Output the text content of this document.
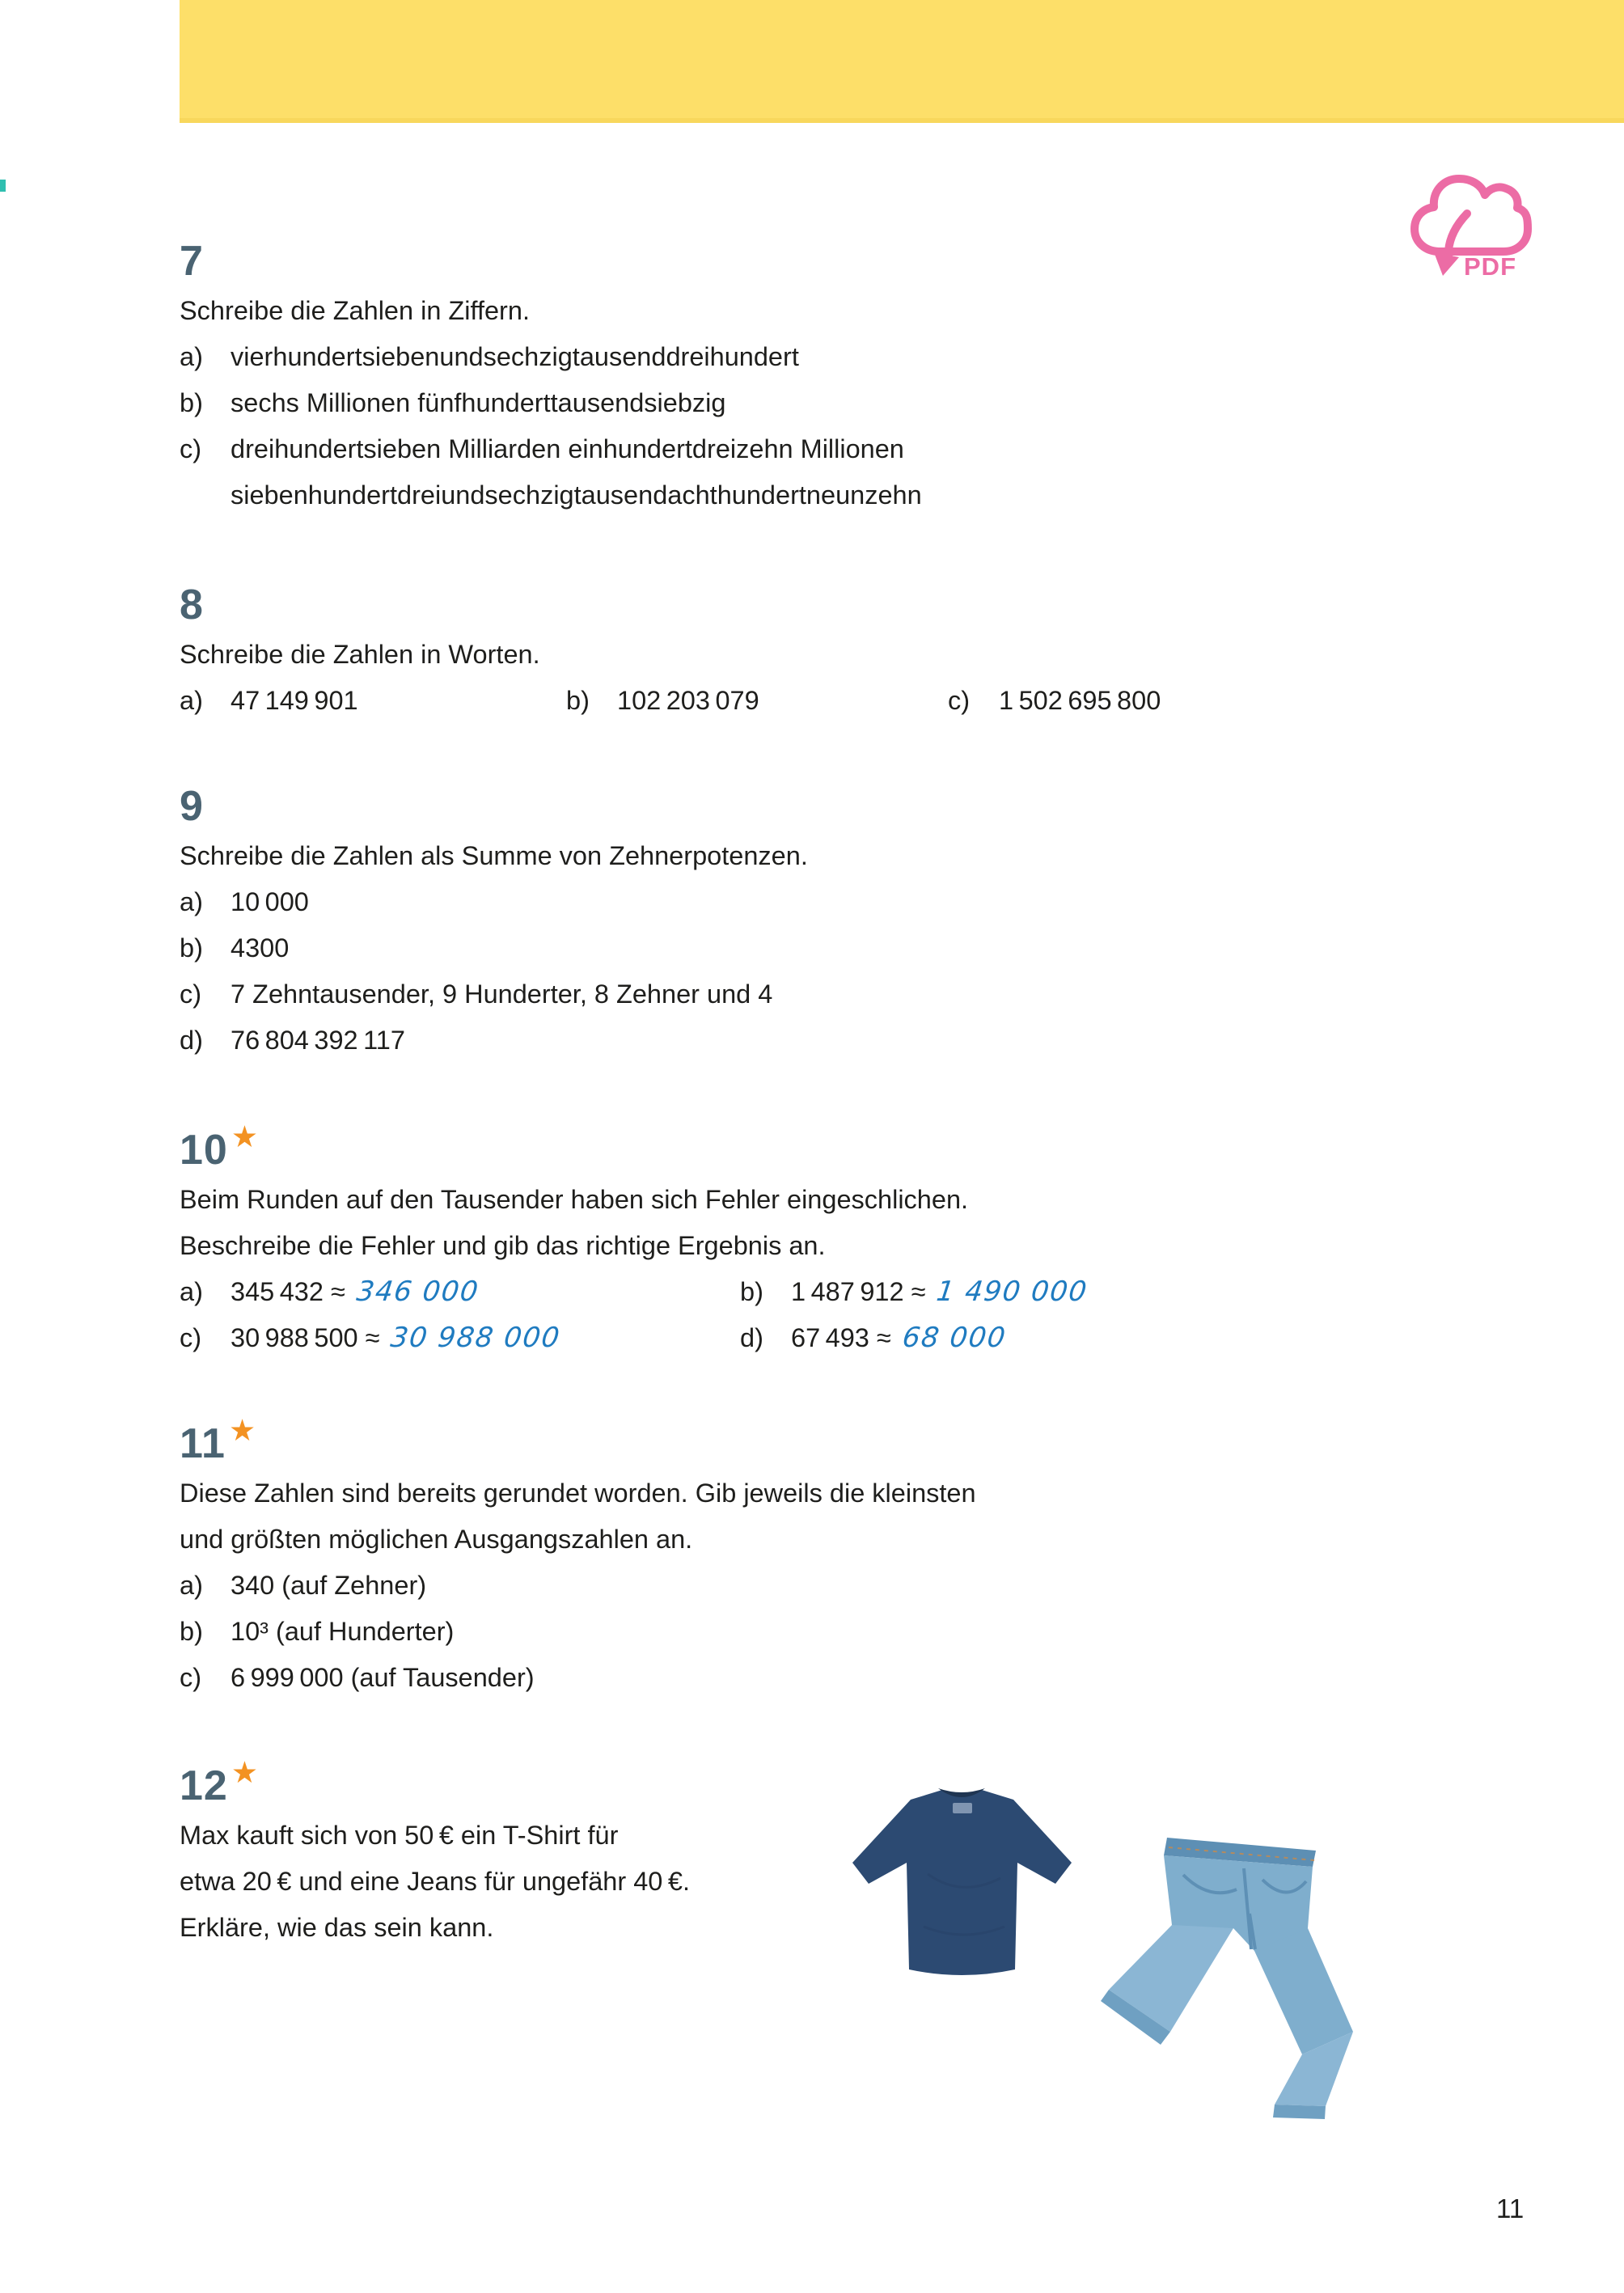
PDF
7

Schreibe die Zahlen in Ziffern.

a)	vierhundertsiebenundsechzigtausenddreihundert
b)	sechs Millionen fünfhunderttausendsiebzig
c)	dreihundertsieben Milliarden einhundertdreizehn Millionen
siebenhundertdreiundsechzigtausendachthundertneunzehn
8

Schreibe die Zahlen in Worten.

a)	47 149 901	b)	102 203 079	c)	1 502 695 800
9

Schreibe die Zahlen als Summe von Zehnerpotenzen.

a)	10 000
b)	4300
c)	7 Zehntausender, 9 Hunderter, 8 Zehner und 4
d)	76 804 392 117
10 ★

Beim Runden auf den Tausender haben sich Fehler eingeschlichen.

Beschreibe die Fehler und gib das richtige Ergebnis an.

a)	345 432 ≈ 346 000	b)	1 487 912 ≈ 1 490 000
c)	30 988 500 ≈ 30 988 000	d)	67 493 ≈ 68 000
11 ★

Diese Zahlen sind bereits gerundet worden. Gib jeweils die kleinsten

und größten möglichen Ausgangszahlen an.

a)	340 (auf Zehner)
b)	10³ (auf Hunderter)
c)	6 999 000 (auf Tausender)
12 ★

Max kauft sich von 50 € ein T-Shirt für

etwa 20 € und eine Jeans für ungefähr 40 €.

Erkläre, wie das sein kann.

11
